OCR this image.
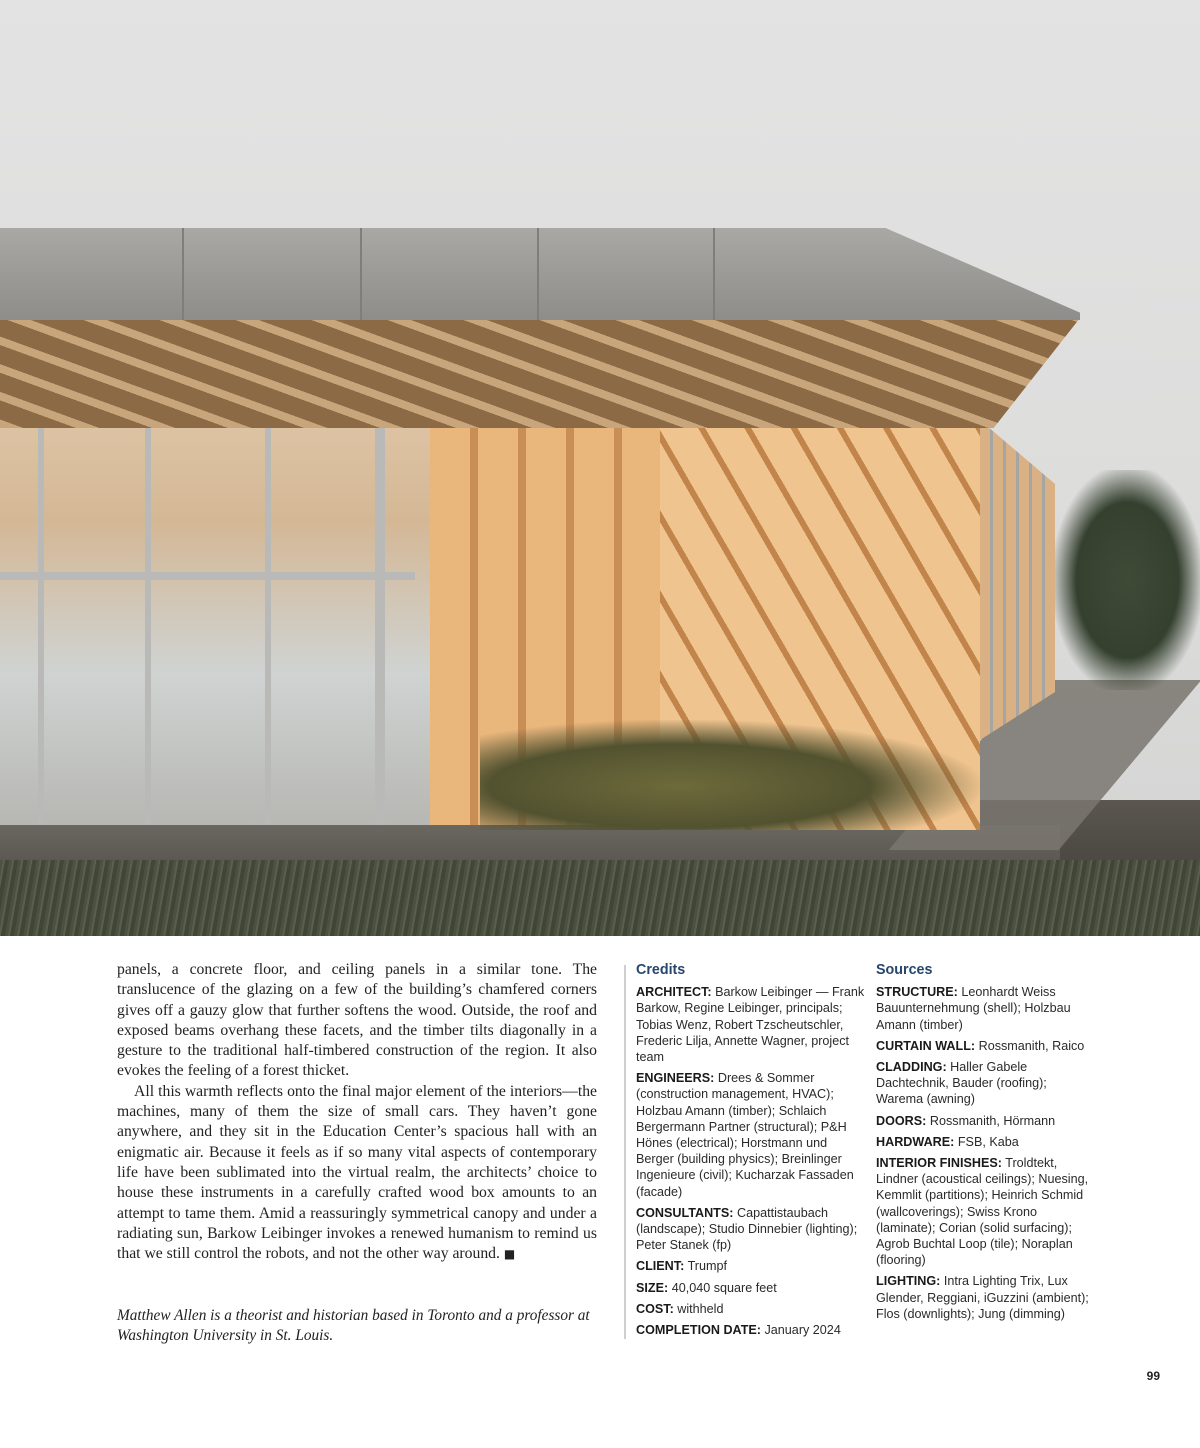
panels, a concrete floor, and ceiling panels in a similar tone. The translucence of the glazing on a few of the building’s chamfered corners gives off a gauzy glow that further softens the wood. Outside, the roof and exposed beams overhang these facets, and the timber tilts diagonally in a gesture to the traditional half-timbered construction of the region. It also evokes the feeling of a forest thicket.

All this warmth reflects onto the final major element of the interiors—the machines, many of them the size of small cars. They haven’t gone anywhere, and they sit in the Education Center’s spacious hall with an enigmatic air. Because it feels as if so many vital aspects of contemporary life have been sublimated into the virtual realm, the architects’ choice to house these instruments in a carefully crafted wood box amounts to an attempt to tame them. Amid a reassuringly symmetrical canopy and under a radiating sun, Barkow Leibinger invokes a renewed humanism to remind us that we still control the robots, and not the other way around. ■

Matthew Allen is a theorist and historian based in Toronto and a professor at Washington University in St. Louis.

Credits
ARCHITECT: Barkow Leibinger — Frank Barkow, Regine Leibinger, principals; Tobias Wenz, Robert Tzscheutschler, Frederic Lilja, Annette Wagner, project team
ENGINEERS: Drees & Sommer (construction management, HVAC); Holzbau Amann (timber); Schlaich Bergermann Partner (structural); P&H Hönes (electrical); Horstmann und Berger (building physics); Breinlinger Ingenieure (civil); Kucharzak Fassaden (facade)
CONSULTANTS: Capattistaubach (landscape); Studio Dinnebier (lighting); Peter Stanek (fp)
CLIENT: Trumpf
SIZE: 40,040 square feet
COST: withheld
COMPLETION DATE: January 2024
Sources
STRUCTURE: Leonhardt Weiss Bauunternehmung (shell); Holzbau Amann (timber)
CURTAIN WALL: Rossmanith, Raico
CLADDING: Haller Gabele Dachtechnik, Bauder (roofing); Warema (awning)
DOORS: Rossmanith, Hörmann
HARDWARE: FSB, Kaba
INTERIOR FINISHES: Troldtekt, Lindner (acoustical ceilings); Nuesing, Kemmlit (partitions); Heinrich Schmid (wallcoverings); Swiss Krono (laminate); Corian (solid surfacing); Agrob Buchtal Loop (tile); Noraplan (flooring)
LIGHTING: Intra Lighting Trix, Lux Glender, Reggiani, iGuzzini (ambient); Flos (downlights); Jung (dimming)
99
